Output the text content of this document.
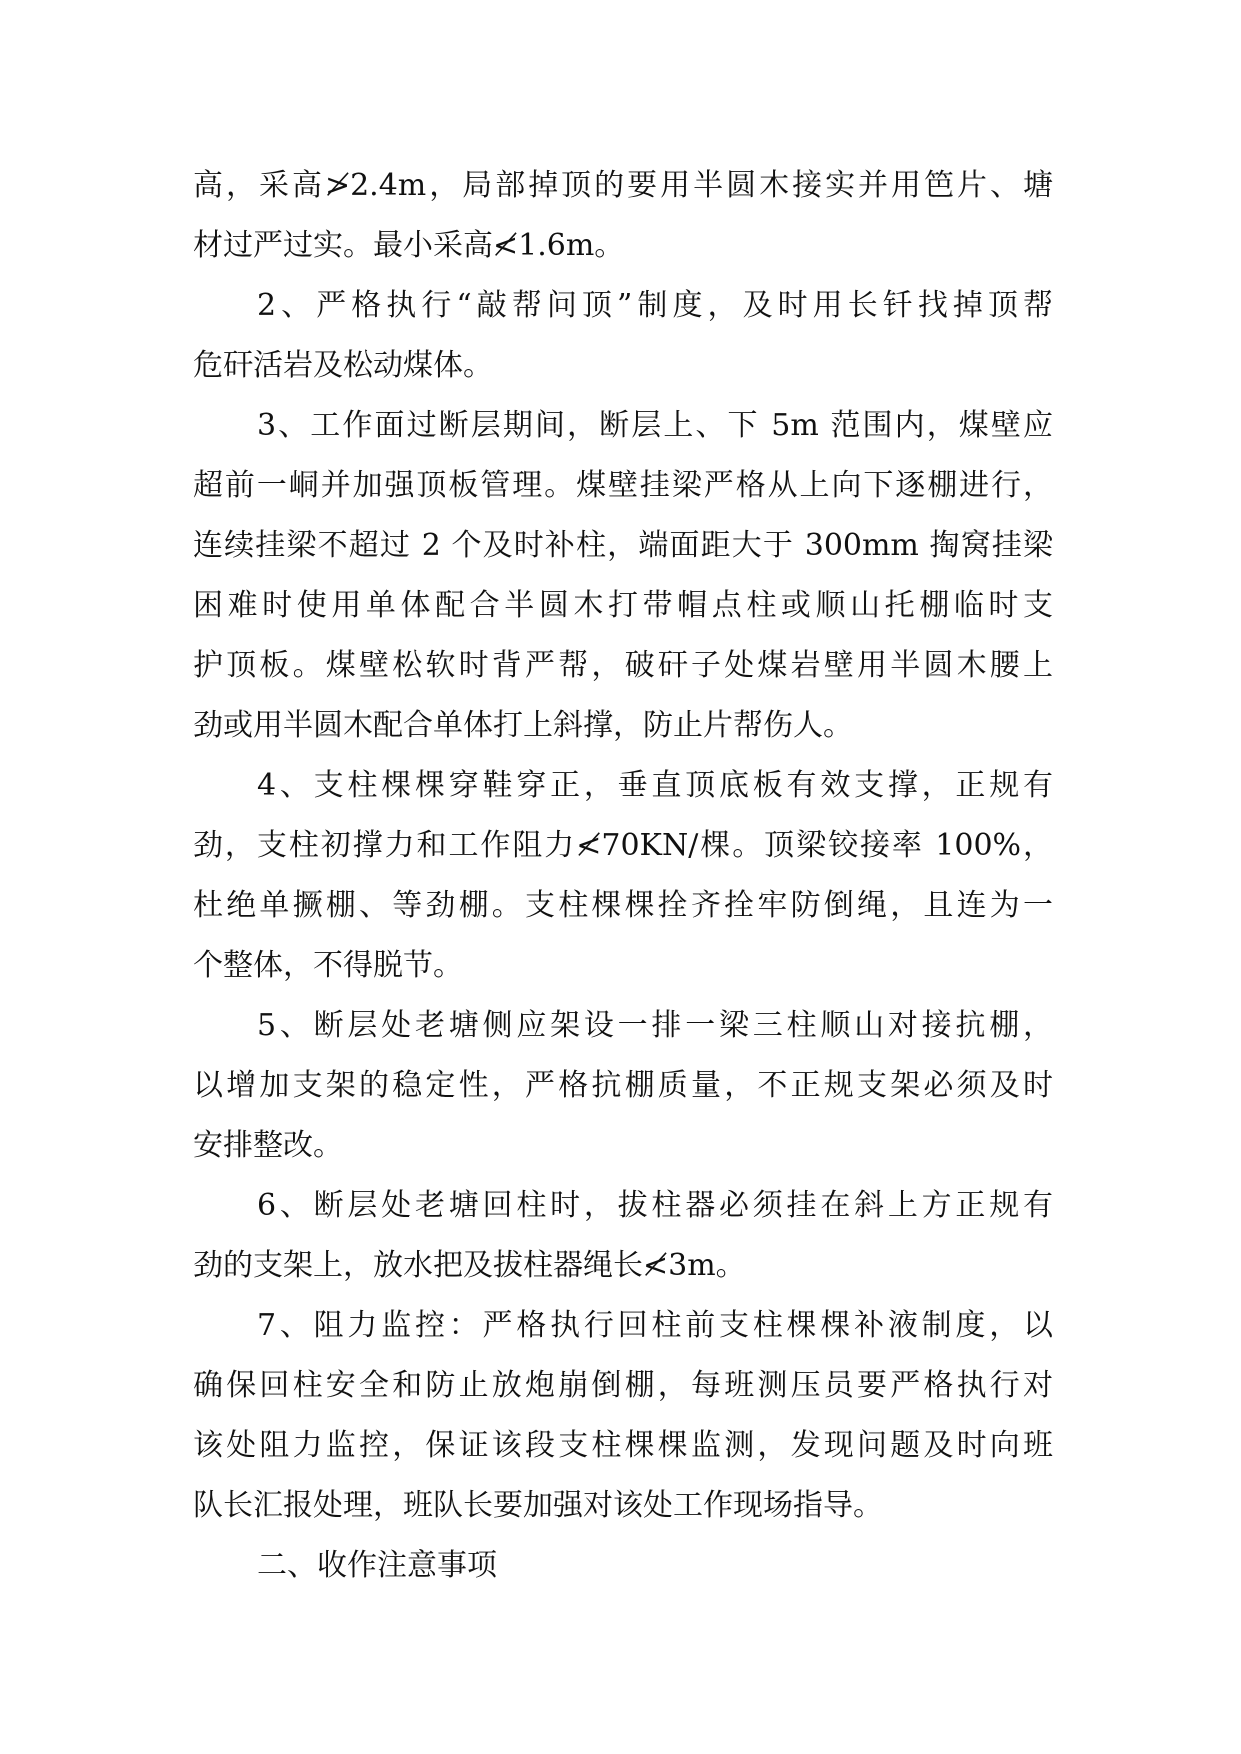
高，采高≯2.4m，局部掉顶的要用半圆木接实并用笆片、塘
材过严过实。最小采高≮1.6m。
2、严格执行“敲帮问顶”制度，及时用长钎找掉顶帮
危矸活岩及松动煤体。
3、工作面过断层期间，断层上、下 5m 范围内，煤壁应
超前一峒并加强顶板管理。煤壁挂梁严格从上向下逐棚进行，
连续挂梁不超过 2 个及时补柱，端面距大于 300mm 掏窝挂梁
困难时使用单体配合半圆木打带帽点柱或顺山托棚临时支
护顶板。煤壁松软时背严帮，破矸子处煤岩壁用半圆木腰上
劲或用半圆木配合单体打上斜撑，防止片帮伤人。
4、支柱棵棵穿鞋穿正，垂直顶底板有效支撑，正规有
劲，支柱初撑力和工作阻力≮70KN/棵。顶梁铰接率 100%，
杜绝单撅棚、等劲棚。支柱棵棵拴齐拴牢防倒绳，且连为一
个整体，不得脱节。
5、断层处老塘侧应架设一排一梁三柱顺山对接抗棚，
以增加支架的稳定性，严格抗棚质量，不正规支架必须及时
安排整改。
6、断层处老塘回柱时，拔柱器必须挂在斜上方正规有
劲的支架上，放水把及拔柱器绳长≮3m。
7、阻力监控：严格执行回柱前支柱棵棵补液制度，以
确保回柱安全和防止放炮崩倒棚，每班测压员要严格执行对
该处阻力监控，保证该段支柱棵棵监测，发现问题及时向班
队长汇报处理，班队长要加强对该处工作现场指导。
二、收作注意事项
